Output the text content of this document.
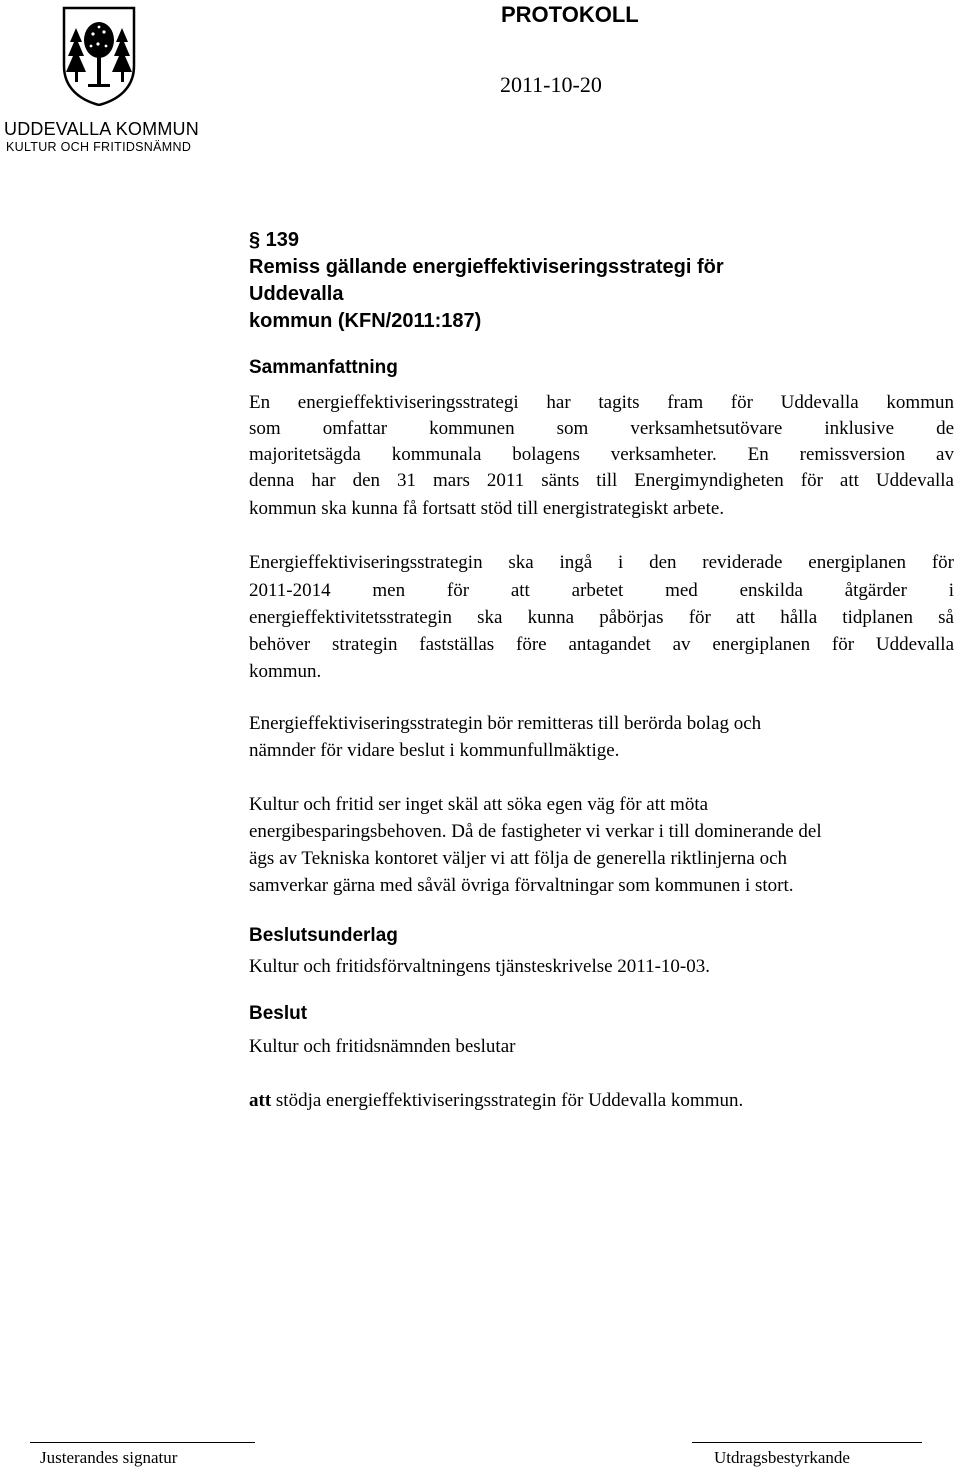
PROTOKOLL
2011-10-20
UDDEVALLA KOMMUN
KULTUR OCH FRITIDSNÄMND
§ 139
Remiss gällande energieffektiviseringsstrategi för Uddevalla
kommun (KFN/2011:187)
Sammanfattning
En energieffektiviseringsstrategi har tagits fram för Uddevalla kommun
som omfattar kommunen som verksamhetsutövare inklusive de
majoritetsägda kommunala bolagens verksamheter. En remissversion av
denna har den 31 mars 2011 sänts till Energimyndigheten för att Uddevalla
kommun ska kunna få fortsatt stöd till energistrategiskt arbete.
Energieffektiviseringsstrategin ska ingå i den reviderade energiplanen för
2011-2014 men för att arbetet med enskilda åtgärder i
energieffektivitetsstrategin ska kunna påbörjas för att hålla tidplanen så
behöver strategin fastställas före antagandet av energiplanen för Uddevalla
kommun.
Energieffektiviseringsstrategin bör remitteras till berörda bolag och
nämnder för vidare beslut i kommunfullmäktige.
Kultur och fritid ser inget skäl att söka egen väg för att möta
energibesparingsbehoven. Då de fastigheter vi verkar i till dominerande del
ägs av Tekniska kontoret väljer vi att följa de generella riktlinjerna och
samverkar gärna med såväl övriga förvaltningar som kommunen i stort.
Beslutsunderlag
Kultur och fritidsförvaltningens tjänsteskrivelse 2011-10-03.
Beslut
Kultur och fritidsnämnden beslutar
att stödja energieffektiviseringsstrategin för Uddevalla kommun.
Justerandes signatur	Utdragsbestyrkande
